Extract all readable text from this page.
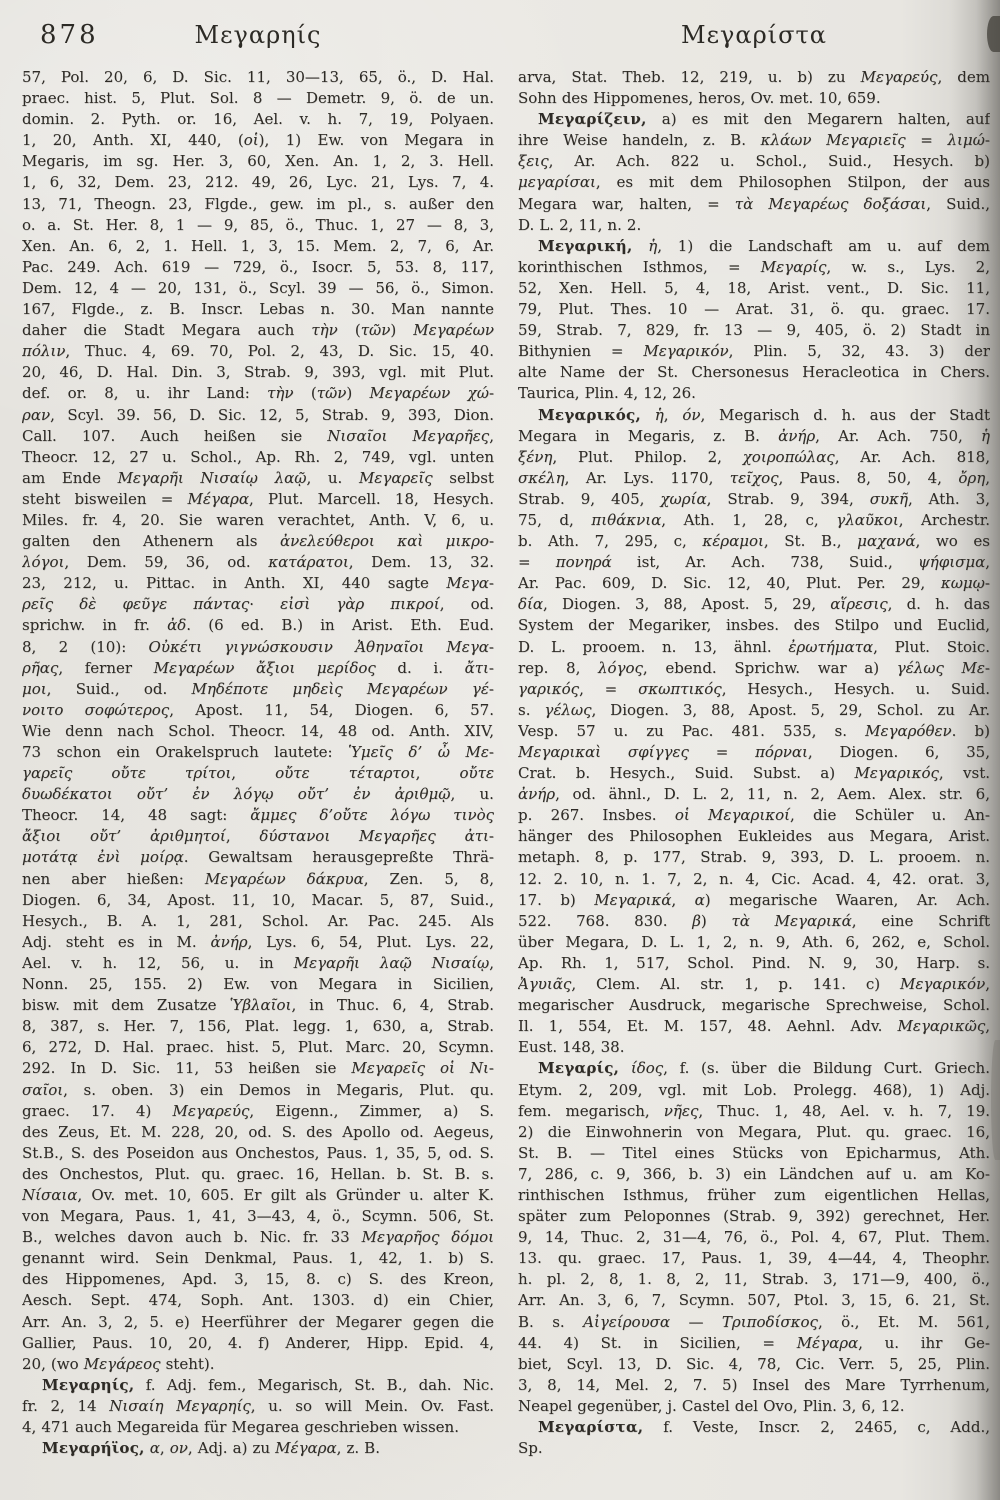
878	Μεγαρηίς	Μεγαρίστα
57, Pol. 20, 6, D. Sic. 11, 30—13, 65, ö., D. Hal.
praec. hist. 5, Plut. Sol. 8 — Demetr. 9, ö. de un.
domin. 2. Pyth. or. 16, Ael. v. h. 7, 19, Polyaen.
1, 20, Anth. XI, 440, (οἱ), 1) Ew. von Megara in
Megaris, im sg. Her. 3, 60, Xen. An. 1, 2, 3. Hell.
1, 6, 32, Dem. 23, 212. 49, 26, Lyc. 21, Lys. 7, 4.
13, 71, Theogn. 23, Flgde., gew. im pl., s. außer den
o. a. St. Her. 8, 1 — 9, 85, ö., Thuc. 1, 27 — 8, 3,
Xen. An. 6, 2, 1. Hell. 1, 3, 15. Mem. 2, 7, 6, Ar.
Pac. 249. Ach. 619 — 729, ö., Isocr. 5, 53. 8, 117,
Dem. 12, 4 — 20, 131, ö., Scyl. 39 — 56, ö., Simon.
167, Flgde., z. B. Inscr. Lebas n. 30. Man nannte
daher die Stadt Megara auch τὴν (τῶν) Μεγαρέων
πόλιν, Thuc. 4, 69. 70, Pol. 2, 43, D. Sic. 15, 40.
20, 46, D. Hal. Din. 3, Strab. 9, 393, vgl. mit Plut.
def. or. 8, u. ihr Land: τὴν (τῶν) Μεγαρέων χώ-
ραν, Scyl. 39. 56, D. Sic. 12, 5, Strab. 9, 393, Dion.
Call. 107. Auch heißen sie Νισαῖοι Μεγαρῆες,
Theocr. 12, 27 u. Schol., Ap. Rh. 2, 749, vgl. unten
am Ende Μεγαρῆι Νισαίῳ λαῷ, u. Μεγαρεῖς selbst
steht bisweilen = Μέγαρα, Plut. Marcell. 18, Hesych.
Miles. fr. 4, 20. Sie waren verachtet, Anth. V, 6, u.
galten den Athenern als ἀνελεύθεροι καὶ μικρο-
λόγοι, Dem. 59, 36, od. κατάρατοι, Dem. 13, 32.
23, 212, u. Pittac. in Anth. XI, 440 sagte Μεγα-
ρεῖς δὲ φεῦγε πάντας· εἰσὶ γὰρ πικροί, od.
sprichw. in fr. ἀδ. (6 ed. B.) in Arist. Eth. Eud.
8, 2 (10): Οὐκέτι γιγνώσκουσιν Ἀθηναῖοι Μεγα-
ρῆας, ferner Μεγαρέων ἄξιοι μερίδος d. i. ἄτι-
μοι, Suid., od. Μηδέποτε μηδεὶς Μεγαρέων γέ-
νοιτο σοφώτερος, Apost. 11, 54, Diogen. 6, 57.
Wie denn nach Schol. Theocr. 14, 48 od. Anth. XIV,
73 schon ein Orakelspruch lautete: Ὑμεῖς δ’ ὦ Με-
γαρεῖς	οὔτε	τρίτοι, οὔτε	τέταρτοι, οὔτε
δυωδέκατοι οὔτ’ ἐν λόγῳ οὔτ’ ἐν ἀριθμῷ, u.
Theocr. 14, 48 sagt: ἄμμες δ’οὔτε λόγω τινὸς
ἄξιοι οὔτ’ ἀριθμητοί, δύστανοι Μεγαρῆες ἀτι-
μοτάτᾳ ἐνὶ μοίρᾳ. Gewaltsam herausgepreßte Thrä-
nen aber hießen: Μεγαρέων δάκρυα, Zen. 5, 8,
Diogen. 6, 34, Apost. 11, 10, Macar. 5, 87, Suid.,
Hesych., B. A. 1, 281, Schol. Ar. Pac. 245. Als
Adj. steht es in M. ἀνήρ, Lys. 6, 54, Plut. Lys. 22,
Ael. v. h. 12, 56, u. in Μεγαρῆι λαῷ Νισαίῳ,
Nonn. 25, 155. 2) Ew. von Megara in Sicilien,
bisw. mit dem Zusatze Ὑβλαῖοι, in Thuc. 6, 4, Strab.
8, 387, s. Her. 7, 156, Plat. legg. 1, 630, a, Strab.
6, 272, D. Hal. praec. hist. 5, Plut. Marc. 20, Scymn.
292. In D. Sic. 11, 53 heißen sie Μεγαρεῖς οἱ Νι-
σαῖοι, s. oben. 3) ein Demos in Megaris, Plut. qu.
graec. 17. 4) Μεγαρεύς, Eigenn., Zimmer, a) S.
des Zeus, Et. M. 228, 20, od. S. des Apollo od. Aegeus,
St.B., S. des Poseidon aus Onchestos, Paus. 1, 35, 5, od. S.
des Onchestos, Plut. qu. graec. 16, Hellan. b. St. B. s.
Νίσαια, Ov. met. 10, 605. Er gilt als Gründer u. alter K.
von Megara, Paus. 1, 41, 3—43, 4, ö., Scymn. 506, St.
B., welches davon auch b. Nic. fr. 33 Μεγαρῆος δόμοι
genannt wird. Sein Denkmal, Paus. 1, 42, 1. b) S.
des Hippomenes, Apd. 3, 15, 8. c) S. des Kreon,
Aesch. Sept. 474, Soph. Ant. 1303. d) ein Chier,
Arr. An. 3, 2, 5. e) Heerführer der Megarer gegen die
Gallier, Paus. 10, 20, 4. f) Anderer, Hipp. Epid. 4,
20, (wo Μεγάρεος steht).
Μεγαρηίς, f. Adj. fem., Megarisch, St. B., dah. Nic.
fr. 2, 14 Νισαίη Μεγαρηίς, u. so will Mein. Ov. Fast.
4, 471 auch Megareida für Megarea geschrieben wissen.
Μεγαρήϊος, α, ον, Adj. a) zu Μέγαρα, z. B.
arva, Stat. Theb. 12, 219, u. b) zu Μεγαρεύς, dem
Sohn des Hippomenes, heros, Ov. met. 10, 659.
Μεγαρίζειν, a) es mit den Megarern halten, auf
ihre Weise handeln, z. B. κλάων Μεγαριεῖς = λιμώ-
ξεις, Ar. Ach. 822 u. Schol., Suid., Hesych. b)
μεγαρίσαι, es mit dem Philosophen Stilpon, der aus
Megara war, halten, = τὰ Μεγαρέως δοξάσαι, Suid.,
D. L. 2, 11, n. 2.
Μεγαρική, ἡ, 1) die Landschaft am u. auf dem
korinthischen Isthmos, = Μεγαρίς, w. s., Lys. 2,
52, Xen. Hell. 5, 4, 18, Arist. vent., D. Sic. 11,
79, Plut. Thes. 10 — Arat. 31, ö. qu. graec. 17.
59, Strab. 7, 829, fr. 13 — 9, 405, ö. 2) Stadt in
Bithynien = Μεγαρικόν, Plin. 5, 32, 43. 3) der
alte Name der St. Chersonesus Heracleotica in Chers.
Taurica, Plin. 4, 12, 26.
Μεγαρικός, ἡ, όν, Megarisch d. h. aus der Stadt
Megara in Megaris, z. B. ἀνήρ, Ar. Ach. 750, ἡ
ξένη, Plut. Philop. 2, χοιροπώλας, Ar. Ach. 818,
σκέλη, Ar. Lys. 1170, τεῖχος, Paus. 8, 50, 4, ὄρη,
Strab. 9, 405, χωρία, Strab. 9, 394, συκῆ, Ath. 3,
75, d, πιθάκνια, Ath. 1, 28, c, γλαῦκοι, Archestr.
b. Ath. 7, 295, c, κέραμοι, St. B., μαχανά, wo es
= πονηρά ist, Ar. Ach. 738, Suid., ψήφισμα,
Ar. Pac. 609, D. Sic. 12, 40, Plut. Per. 29, κωμῳ-
δία, Diogen. 3, 88, Apost. 5, 29, αἵρεσις, d. h. das
System der Megariker, insbes. des Stilpo und Euclid,
D. L. prooem. n. 13, ähnl. ἐρωτήματα, Plut. Stoic.
rep. 8, λόγος, ebend. Sprichw. war a) γέλως Με-
γαρικός, = σκωπτικός, Hesych., Hesych. u. Suid.
s. γέλως, Diogen. 3, 88, Apost. 5, 29, Schol. zu Ar.
Vesp. 57 u. zu Pac. 481. 535, s. Μεγαρόθεν. b)
Μεγαρικαὶ σφίγγες = πόρναι, Diogen. 6, 35,
Crat. b. Hesych., Suid. Subst. a) Μεγαρικός, vst.
ἀνήρ, od. ähnl., D. L. 2, 11, n. 2, Aem. Alex. str. 6,
p. 267. Insbes. οἱ Μεγαρικοί, die Schüler u. An-
hänger des Philosophen Eukleides aus Megara, Arist.
metaph. 8, p. 177, Strab. 9, 393, D. L. prooem. n.
12. 2. 10, n. 1. 7, 2, n. 4, Cic. Acad. 4, 42. orat. 3,
17. b) Μεγαρικά, α) megarische Waaren, Ar. Ach.
522. 768. 830. β) τὰ Μεγαρικά, eine Schrift
über Megara, D. L. 1, 2, n. 9, Ath. 6, 262, e, Schol.
Ap. Rh. 1, 517, Schol. Pind. N. 9, 30, Harp. s.
Ἀγυιᾶς, Clem. Al. str. 1, p. 141. c) Μεγαρικόν,
megarischer Ausdruck, megarische Sprechweise, Schol.
Il. 1, 554, Et. M. 157, 48. Aehnl. Adv. Μεγαρικῶς,
Eust. 148, 38.
Μεγαρίς, ίδος, f. (s. über die Bildung Curt. Griech.
Etym. 2, 209, vgl. mit Lob. Prolegg. 468), 1) Adj.
fem. megarisch, νῆες, Thuc. 1, 48, Ael. v. h. 7, 19.
2) die Einwohnerin von Megara, Plut. qu. graec. 16,
St. B. — Titel eines Stücks von Epicharmus, Ath.
7, 286, c. 9, 366, b. 3) ein Ländchen auf u. am Ko-
rinthischen Isthmus, früher zum eigentlichen Hellas,
später zum Peloponnes (Strab. 9, 392) gerechnet, Her.
9, 14, Thuc. 2, 31—4, 76, ö., Pol. 4, 67, Plut. Them.
13. qu. graec. 17, Paus. 1, 39, 4—44, 4, Theophr.
h. pl. 2, 8, 1. 8, 2, 11, Strab. 3, 171—9, 400, ö.,
Arr. An. 3, 6, 7, Scymn. 507, Ptol. 3, 15, 6. 21, St.
B. s. Αἰγείρουσα — Τριποδίσκος, ö., Et. M. 561,
44. 4) St. in Sicilien, = Μέγαρα, u. ihr Ge-
biet, Scyl. 13, D. Sic. 4, 78, Cic. Verr. 5, 25, Plin.
3, 8, 14, Mel. 2, 7. 5) Insel des Mare Tyrrhenum,
Neapel gegenüber, j. Castel del Ovo, Plin. 3, 6, 12.
Μεγαρίστα, f. Veste, Inscr. 2, 2465, c, Add.,
Sp.
